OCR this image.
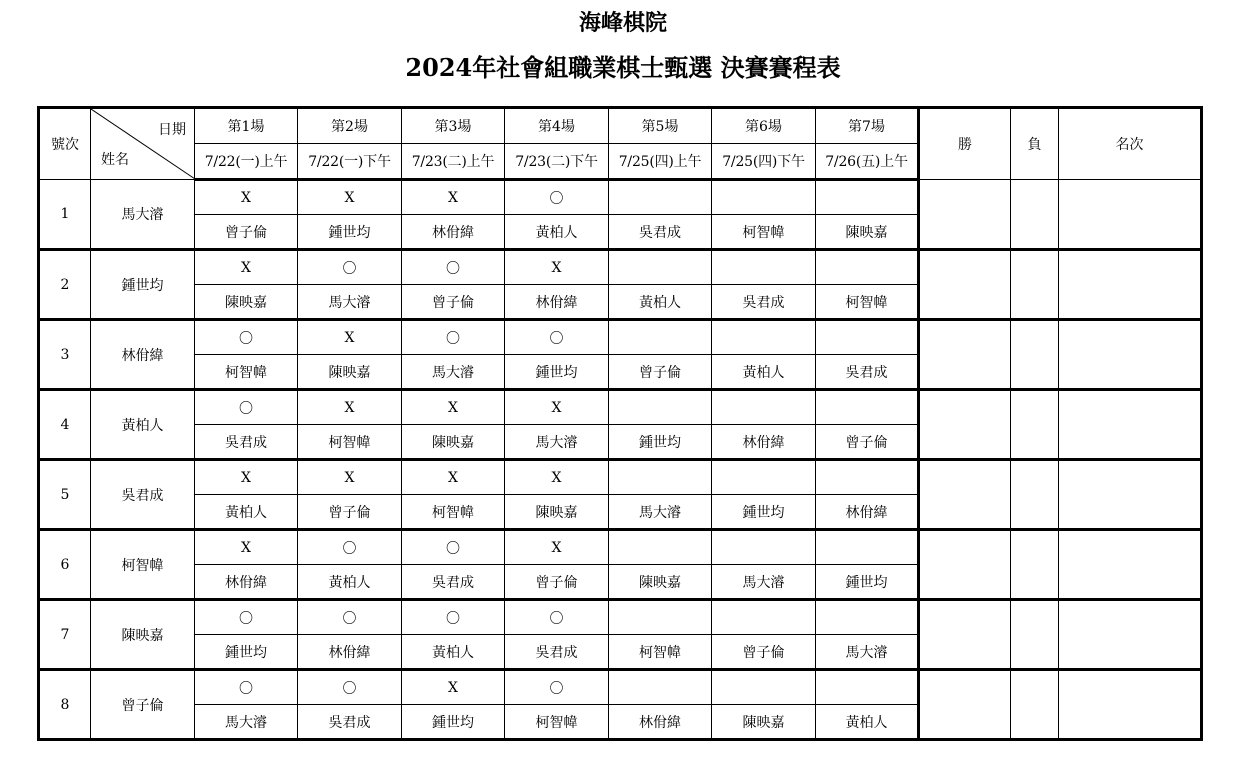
海峰棋院
2024年社會組職業棋士甄選 決賽賽程表
號次	日期
姓名	第1場	第2場	第3場	第4場	第5場	第6場	第7場	勝	負	名次
		7/22(一)上午	7/22(一)下午	7/23(二)上午	7/23(二)下午	7/25(四)上午	7/25(四)下午	7/26(五)上午			
1	馬大濬	X	X	X	〇						
		曾子倫	鍾世均	林佾緯	黃柏人	吳君成	柯智幃	陳映嘉			
2	鍾世均	X	〇	〇	X						
		陳映嘉	馬大濬	曾子倫	林佾緯	黃柏人	吳君成	柯智幃			
3	林佾緯	〇	X	〇	〇						
		柯智幃	陳映嘉	馬大濬	鍾世均	曾子倫	黃柏人	吳君成			
4	黃柏人	〇	X	X	X						
		吳君成	柯智幃	陳映嘉	馬大濬	鍾世均	林佾緯	曾子倫			
5	吳君成	X	X	X	X						
		黃柏人	曾子倫	柯智幃	陳映嘉	馬大濬	鍾世均	林佾緯			
6	柯智幃	X	〇	〇	X						
		林佾緯	黃柏人	吳君成	曾子倫	陳映嘉	馬大濬	鍾世均			
7	陳映嘉	〇	〇	〇	〇						
		鍾世均	林佾緯	黃柏人	吳君成	柯智幃	曾子倫	馬大濬			
8	曾子倫	〇	〇	X	〇						
		馬大濬	吳君成	鍾世均	柯智幃	林佾緯	陳映嘉	黃柏人			
